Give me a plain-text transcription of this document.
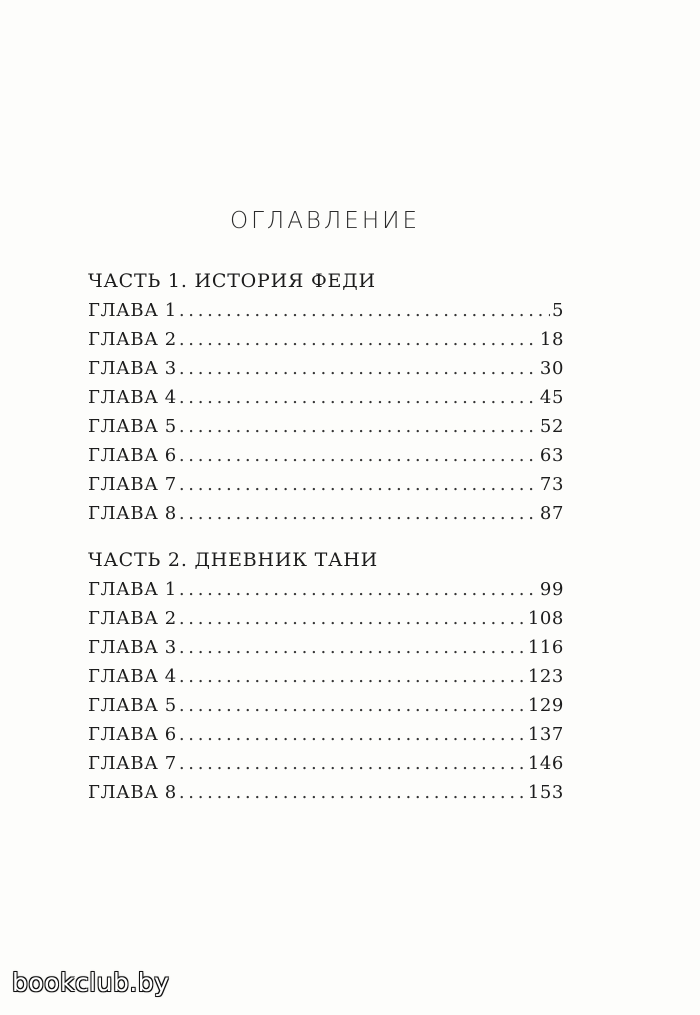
ОГЛАВЛЕНИЕ
ЧАСТЬ 1. ИСТОРИЯ ФЕДИ
ГЛАВА 1 . . .	5
ГЛАВА 2 . . .	18
ГЛАВА 3 . . .	30
ГЛАВА 4 . . .	45
ГЛАВА 5 . . .	52
ГЛАВА 6 . . .	63
ГЛАВА 7 . . .	73
ГЛАВА 8 . . .	87
ЧАСТЬ 2. ДНЕВНИК ТАНИ
ГЛАВА 1 . . .	99
ГЛАВА 2 . . .	108
ГЛАВА 3 . . .	116
ГЛАВА 4 . . .	123
ГЛАВА 5 . . .	129
ГЛАВА 6 . . .	137
ГЛАВА 7 . . .	146
ГЛАВА 8 . . .	153
bookclub.by
